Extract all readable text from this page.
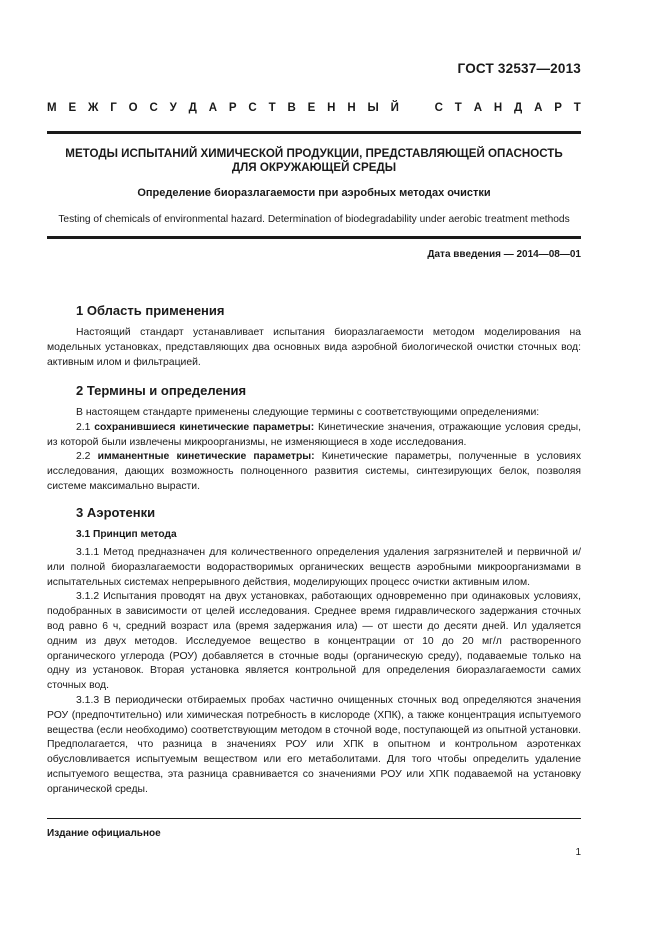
ГОСТ 32537—2013
М Е Ж Г О С У Д А Р С Т В Е Н Н Ы Й	С Т А Н Д А Р Т
МЕТОДЫ ИСПЫТАНИЙ ХИМИЧЕСКОЙ ПРОДУКЦИИ, ПРЕДСТАВЛЯЮЩЕЙ ОПАСНОСТЬ
ДЛЯ ОКРУЖАЮЩЕЙ СРЕДЫ
Определение биоразлагаемости при аэробных методах очистки
Testing of chemicals of environmental hazard. Determination of biodegradability under aerobic treatment methods
Дата введения — 2014—08—01
1 Область применения

Настоящий стандарт устанавливает испытания биоразлагаемости методом моделирования на модельных установках, представляющих два основных вида аэробной биологической очистки сточных вод: активным илом и фильтрацией.

2 Термины и определения

В настоящем стандарте применены следующие термины с соответствующими определениями:

2.1 сохранившиеся кинетические параметры: Кинетические значения, отражающие условия среды, из которой были извлечены микроорганизмы, не изменяющиеся в ходе исследования.

2.2 имманентные кинетические параметры: Кинетические параметры, полученные в условиях исследования, дающих возможность полноценного развития системы, синтезирующих белок, позволяя системе максимально вырасти.

3 Аэротенки
3.1 Принцип метода

3.1.1 Метод предназначен для количественного определения удаления загрязнителей и первичной и/или полной биоразлагаемости водорастворимых органических веществ аэробными микроорганизмами в испытательных системах непрерывного действия, моделирующих процесс очистки активным илом.

3.1.2 Испытания проводят на двух установках, работающих одновременно при одинаковых условиях, подобранных в зависимости от целей исследования. Среднее время гидравлического задержания сточных вод равно 6 ч, средний возраст ила (время задержания ила) — от шести до десяти дней. Ил удаляется одним из двух методов. Исследуемое вещество в концентрации от 10 до 20 мг/л растворенного органического углерода (РОУ) добавляется в сточные воды (органическую среду), подаваемые только на одну из установок. Вторая установка является контрольной для определения биоразлагаемости самих сточных вод.

3.1.3 В периодически отбираемых пробах частично очищенных сточных вод определяются значения РОУ (предпочтительно) или химическая потребность в кислороде (ХПК), а также концентрация испытуемого вещества (если необходимо) соответствующим методом в сточной воде, поступающей из опытной установки. Предполагается, что разница в значениях РОУ или ХПК в опытном и контрольном аэротенках обусловливается испытуемым веществом или его метаболитами. Для того чтобы определить удаление испытуемого вещества, эта разница сравнивается со значениями РОУ или ХПК подаваемой на установку органической среды.

Издание официальное
1
